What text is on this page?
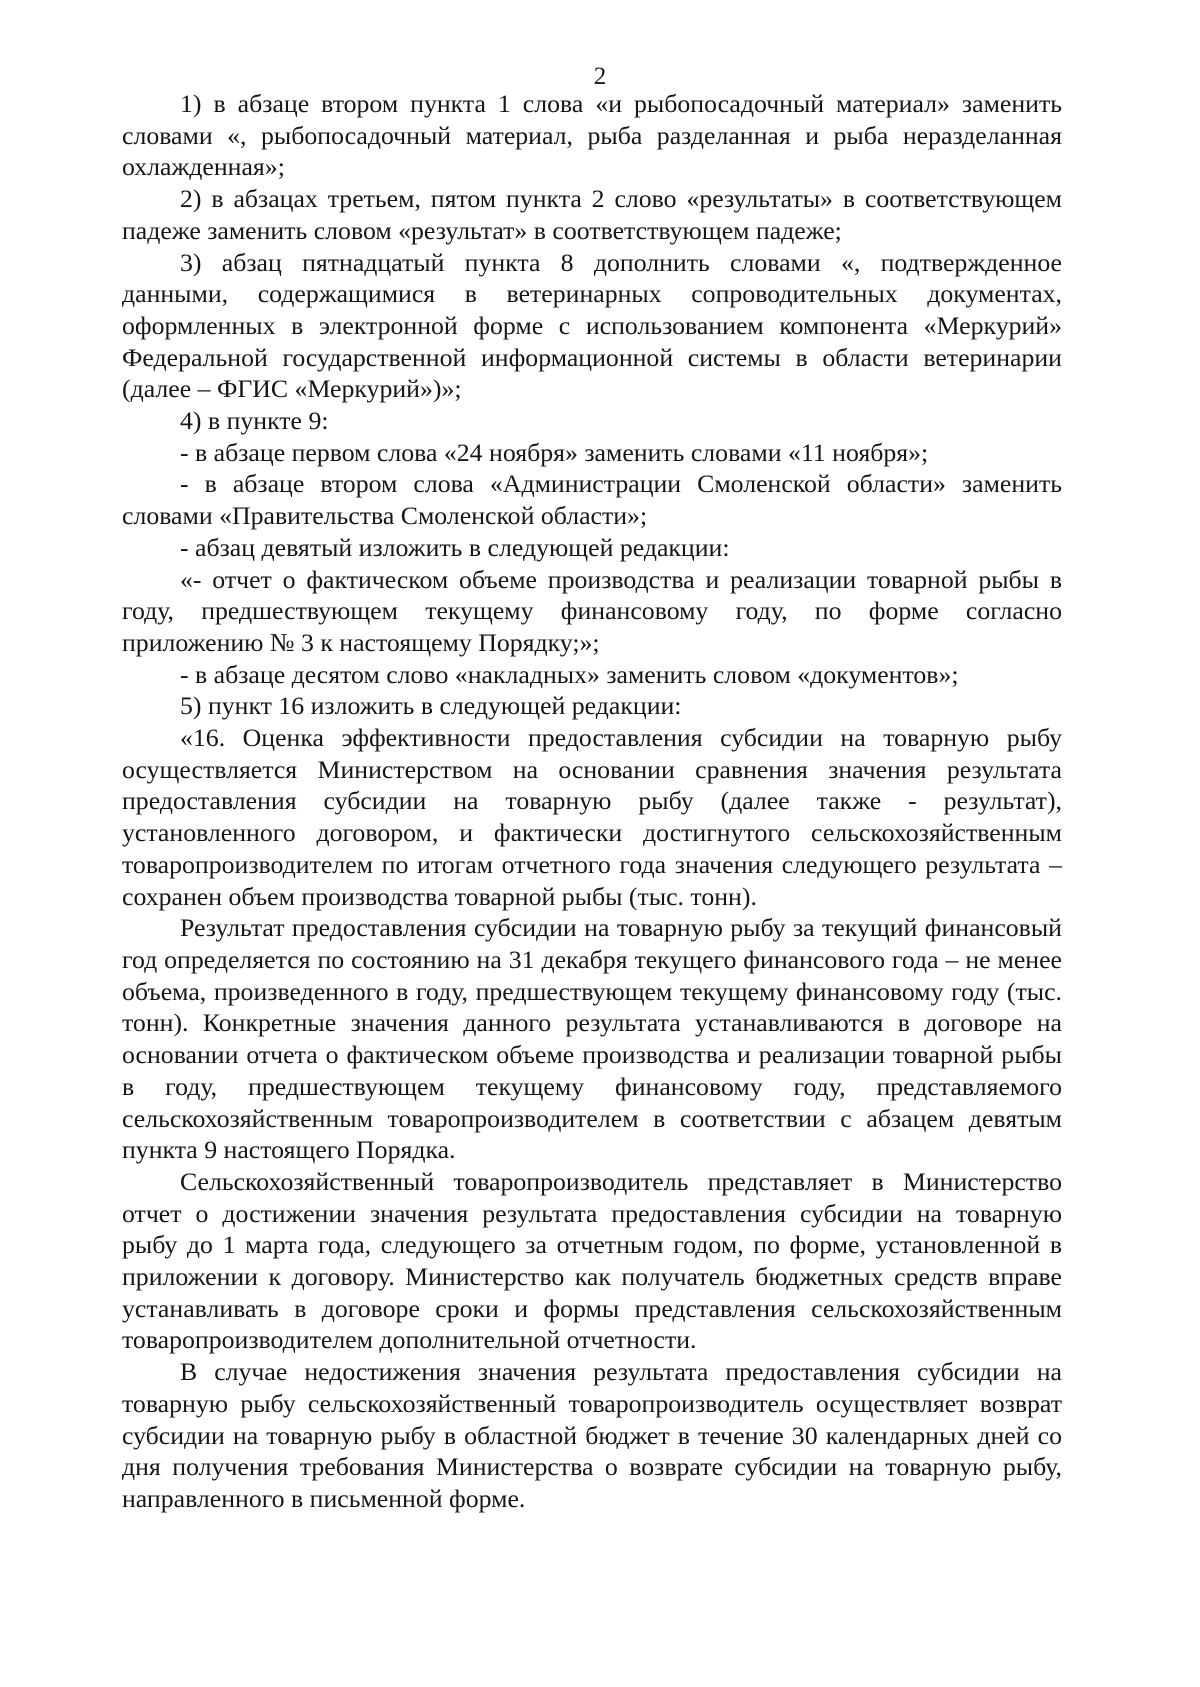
2

1) в абзаце втором пункта 1 слова «и рыбопосадочный материал» заменить словами «, рыбопосадочный материал, рыба разделанная и рыба неразделанная охлажденная»;

2) в абзацах третьем, пятом пункта 2 слово «результаты» в соответствующем падеже заменить словом «результат» в соответствующем падеже;

3) абзац пятнадцатый пункта 8 дополнить словами «, подтвержденное данными, содержащимися в ветеринарных сопроводительных документах, оформленных в электронной форме с использованием компонента «Меркурий» Федеральной государственной информационной системы в области ветеринарии (далее – ФГИС «Меркурий»)»;

4) в пункте 9:

- в абзаце первом слова «24 ноября» заменить словами «11 ноября»;

- в абзаце втором слова «Администрации Смоленской области» заменить словами «Правительства Смоленской области»;

- абзац девятый изложить в следующей редакции:

«- отчет о фактическом объеме производства и реализации товарной рыбы в году, предшествующем текущему финансовому году, по форме согласно приложению № 3 к настоящему Порядку;»;

- в абзаце десятом слово «накладных» заменить словом «документов»;

5) пункт 16 изложить в следующей редакции:

«16. Оценка эффективности предоставления субсидии на товарную рыбу осуществляется Министерством на основании сравнения значения результата предоставления субсидии на товарную рыбу (далее также - результат), установленного договором, и фактически достигнутого сельскохозяйственным товаропроизводителем по итогам отчетного года значения следующего результата – сохранен объем производства товарной рыбы (тыс. тонн).

Результат предоставления субсидии на товарную рыбу за текущий финансовый год определяется по состоянию на 31 декабря текущего финансового года – не менее объема, произведенного в году, предшествующем текущему финансовому году (тыс. тонн). Конкретные значения данного результата устанавливаются в договоре на основании отчета о фактическом объеме производства и реализации товарной рыбы в году, предшествующем текущему финансовому году, представляемого сельскохозяйственным товаропроизводителем в соответствии с абзацем девятым пункта 9 настоящего Порядка.

Сельскохозяйственный товаропроизводитель представляет в Министерство отчет о достижении значения результата предоставления субсидии на товарную рыбу до 1 марта года, следующего за отчетным годом, по форме, установленной в приложении к договору. Министерство как получатель бюджетных средств вправе устанавливать в договоре сроки и формы представления сельскохозяйственным товаропроизводителем дополнительной отчетности.

В случае недостижения значения результата предоставления субсидии на товарную рыбу сельскохозяйственный товаропроизводитель осуществляет возврат субсидии на товарную рыбу в областной бюджет в течение 30 календарных дней со дня получения требования Министерства о возврате субсидии на товарную рыбу, направленного в письменной форме.
